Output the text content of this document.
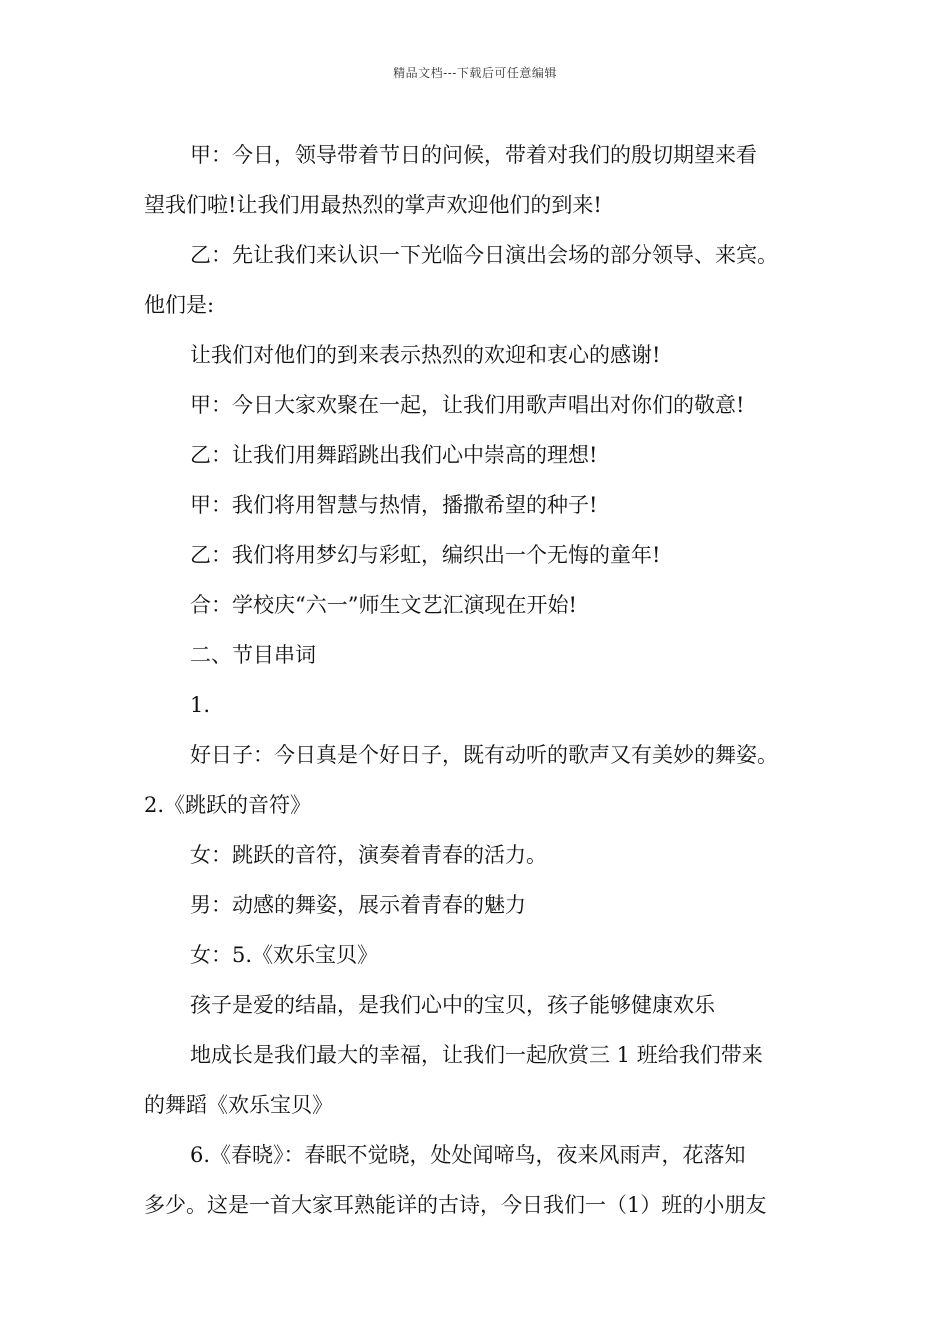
精品文档---下载后可任意编辑
甲：今日，领导带着节日的问候，带着对我们的殷切期望来看
望我们啦!让我们用最热烈的掌声欢迎他们的到来!
乙：先让我们来认识一下光临今日演出会场的部分领导、来宾。
他们是:
让我们对他们的到来表示热烈的欢迎和衷心的感谢!
甲：今日大家欢聚在一起，让我们用歌声唱出对你们的敬意!
乙：让我们用舞蹈跳出我们心中崇高的理想!
甲：我们将用智慧与热情，播撒希望的种子!
乙：我们将用梦幻与彩虹，编织出一个无悔的童年!
合：学校庆“六一”师生文艺汇演现在开始!
二、节目串词
1.
好日子：今日真是个好日子，既有动听的歌声又有美妙的舞姿。
2.《跳跃的音符》
女：跳跃的音符，演奏着青春的活力。
男：动感的舞姿，展示着青春的魅力
女：5.《欢乐宝贝》
孩子是爱的结晶，是我们心中的宝贝，孩子能够健康欢乐
地成长是我们最大的幸福，让我们一起欣赏三 1 班给我们带来
的舞蹈《欢乐宝贝》
6.《春晓》：春眠不觉晓，处处闻啼鸟，夜来风雨声，花落知
多少。这是一首大家耳熟能详的古诗，今日我们一（1）班的小朋友
